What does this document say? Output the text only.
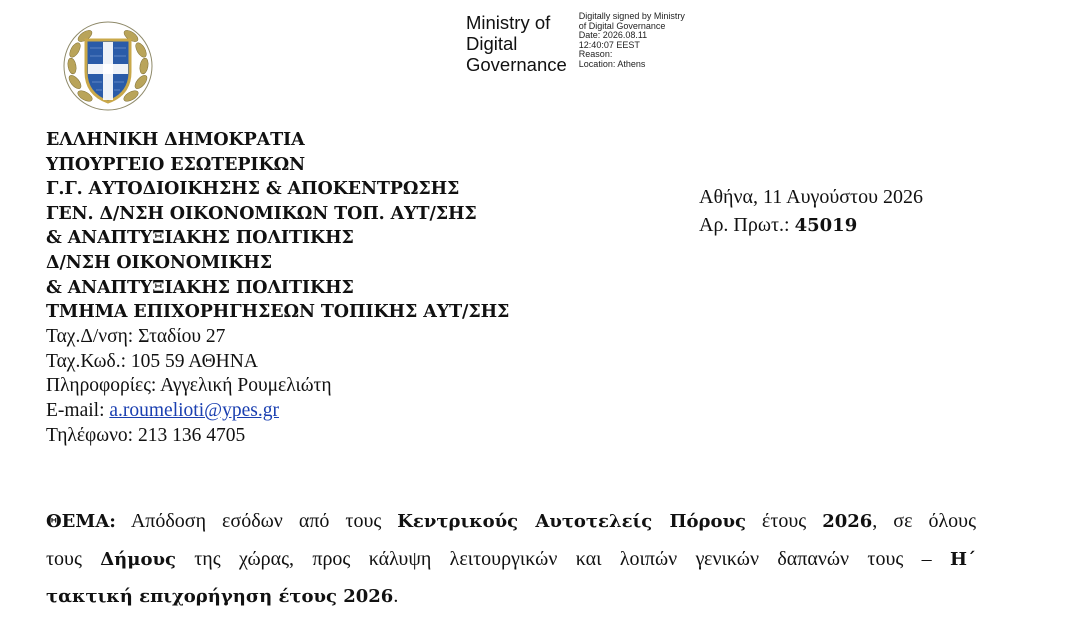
Ministry of
Digital
Governance
Digitally signed by Ministry
of Digital Governance
Date: 2026.08.11
12:40:07 EEST
Reason:
Location: Athens
ΕΛΛΗΝΙΚΗ ΔΗΜΟΚΡΑΤΙΑ
ΥΠΟΥΡΓΕΙΟ ΕΣΩΤΕΡΙΚΩΝ
Γ.Γ. ΑΥΤΟΔΙΟΙΚΗΣΗΣ & ΑΠΟΚΕΝΤΡΩΣΗΣ
ΓΕΝ. Δ/ΝΣΗ ΟΙΚΟΝΟΜΙΚΩΝ ΤΟΠ. ΑΥΤ/ΣΗΣ
& ΑΝΑΠΤΥΞΙΑΚΗΣ ΠΟΛΙΤΙΚΗΣ
Δ/ΝΣΗ ΟΙΚΟΝΟΜΙΚΗΣ
& ΑΝΑΠΤΥΞΙΑΚΗΣ ΠΟΛΙΤΙΚΗΣ
ΤΜΗΜΑ ΕΠΙΧΟΡΗΓΗΣΕΩΝ ΤΟΠΙΚΗΣ ΑΥΤ/ΣΗΣ
Ταχ.Δ/νση: Σταδίου 27
Ταχ.Κωδ.: 105 59 ΑΘΗΝΑ
Πληροφορίες: Αγγελική Ρουμελιώτη
E-mail: a.roumelioti@ypes.gr
Τηλέφωνο: 213 136 4705
Αθήνα, 11 Αυγούστου 2026
Αρ. Πρωτ.: 45019
ΘΕΜΑ: Απόδοση εσόδων από τους Κεντρικούς Αυτοτελείς Πόρους έτους 2026, σε όλους
τους Δήμους της χώρας, προς κάλυψη λειτουργικών και λοιπών γενικών δαπανών τους – Η΄
τακτική επιχορήγηση έτους 2026.
